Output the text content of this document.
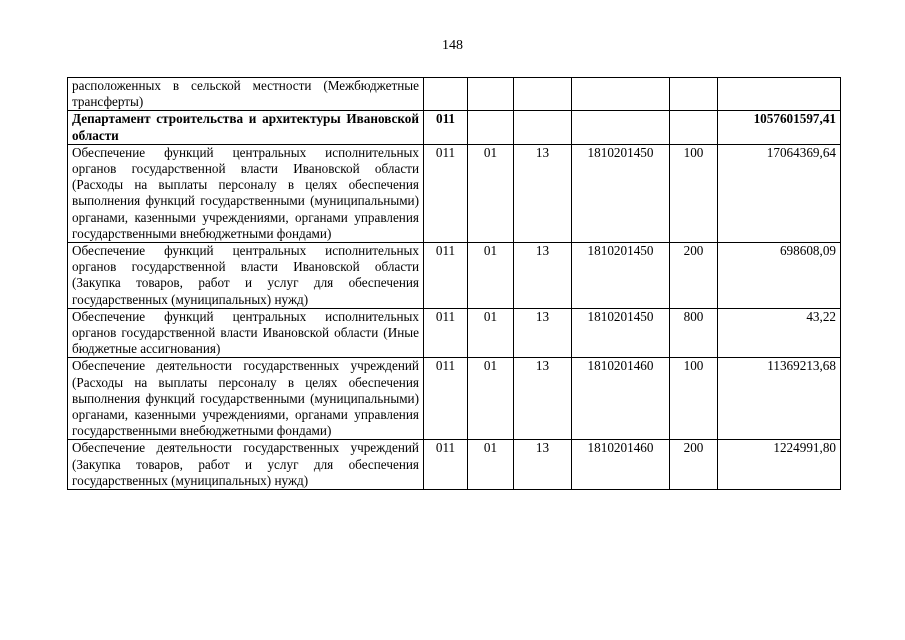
148
расположенных в сельской местности (Межбюджетные трансферты)						
Департамент строительства и архитектуры Ивановской области	011					1057601597,41
Обеспечение функций центральных исполнительных органов государственной власти Ивановской области (Расходы на выплаты персоналу в целях обеспечения выполнения функций государственными (муниципальными) органами, казенными учреждениями, органами управления государственными внебюджетными фондами)	011	01	13	1810201450	100	17064369,64
Обеспечение функций центральных исполнительных органов государственной власти Ивановской области (Закупка товаров, работ и услуг для обеспечения государственных (муниципальных) нужд)	011	01	13	1810201450	200	698608,09
Обеспечение функций центральных исполнительных органов государственной власти Ивановской области (Иные бюджетные ассигнования)	011	01	13	1810201450	800	43,22
Обеспечение деятельности государственных учреждений (Расходы на выплаты персоналу в целях обеспечения выполнения функций государственными (муниципальными) органами, казенными учреждениями, органами управления государственными внебюджетными фондами)	011	01	13	1810201460	100	11369213,68
Обеспечение деятельности государственных учреждений (Закупка товаров, работ и услуг для обеспечения государственных (муниципальных) нужд)	011	01	13	1810201460	200	1224991,80
